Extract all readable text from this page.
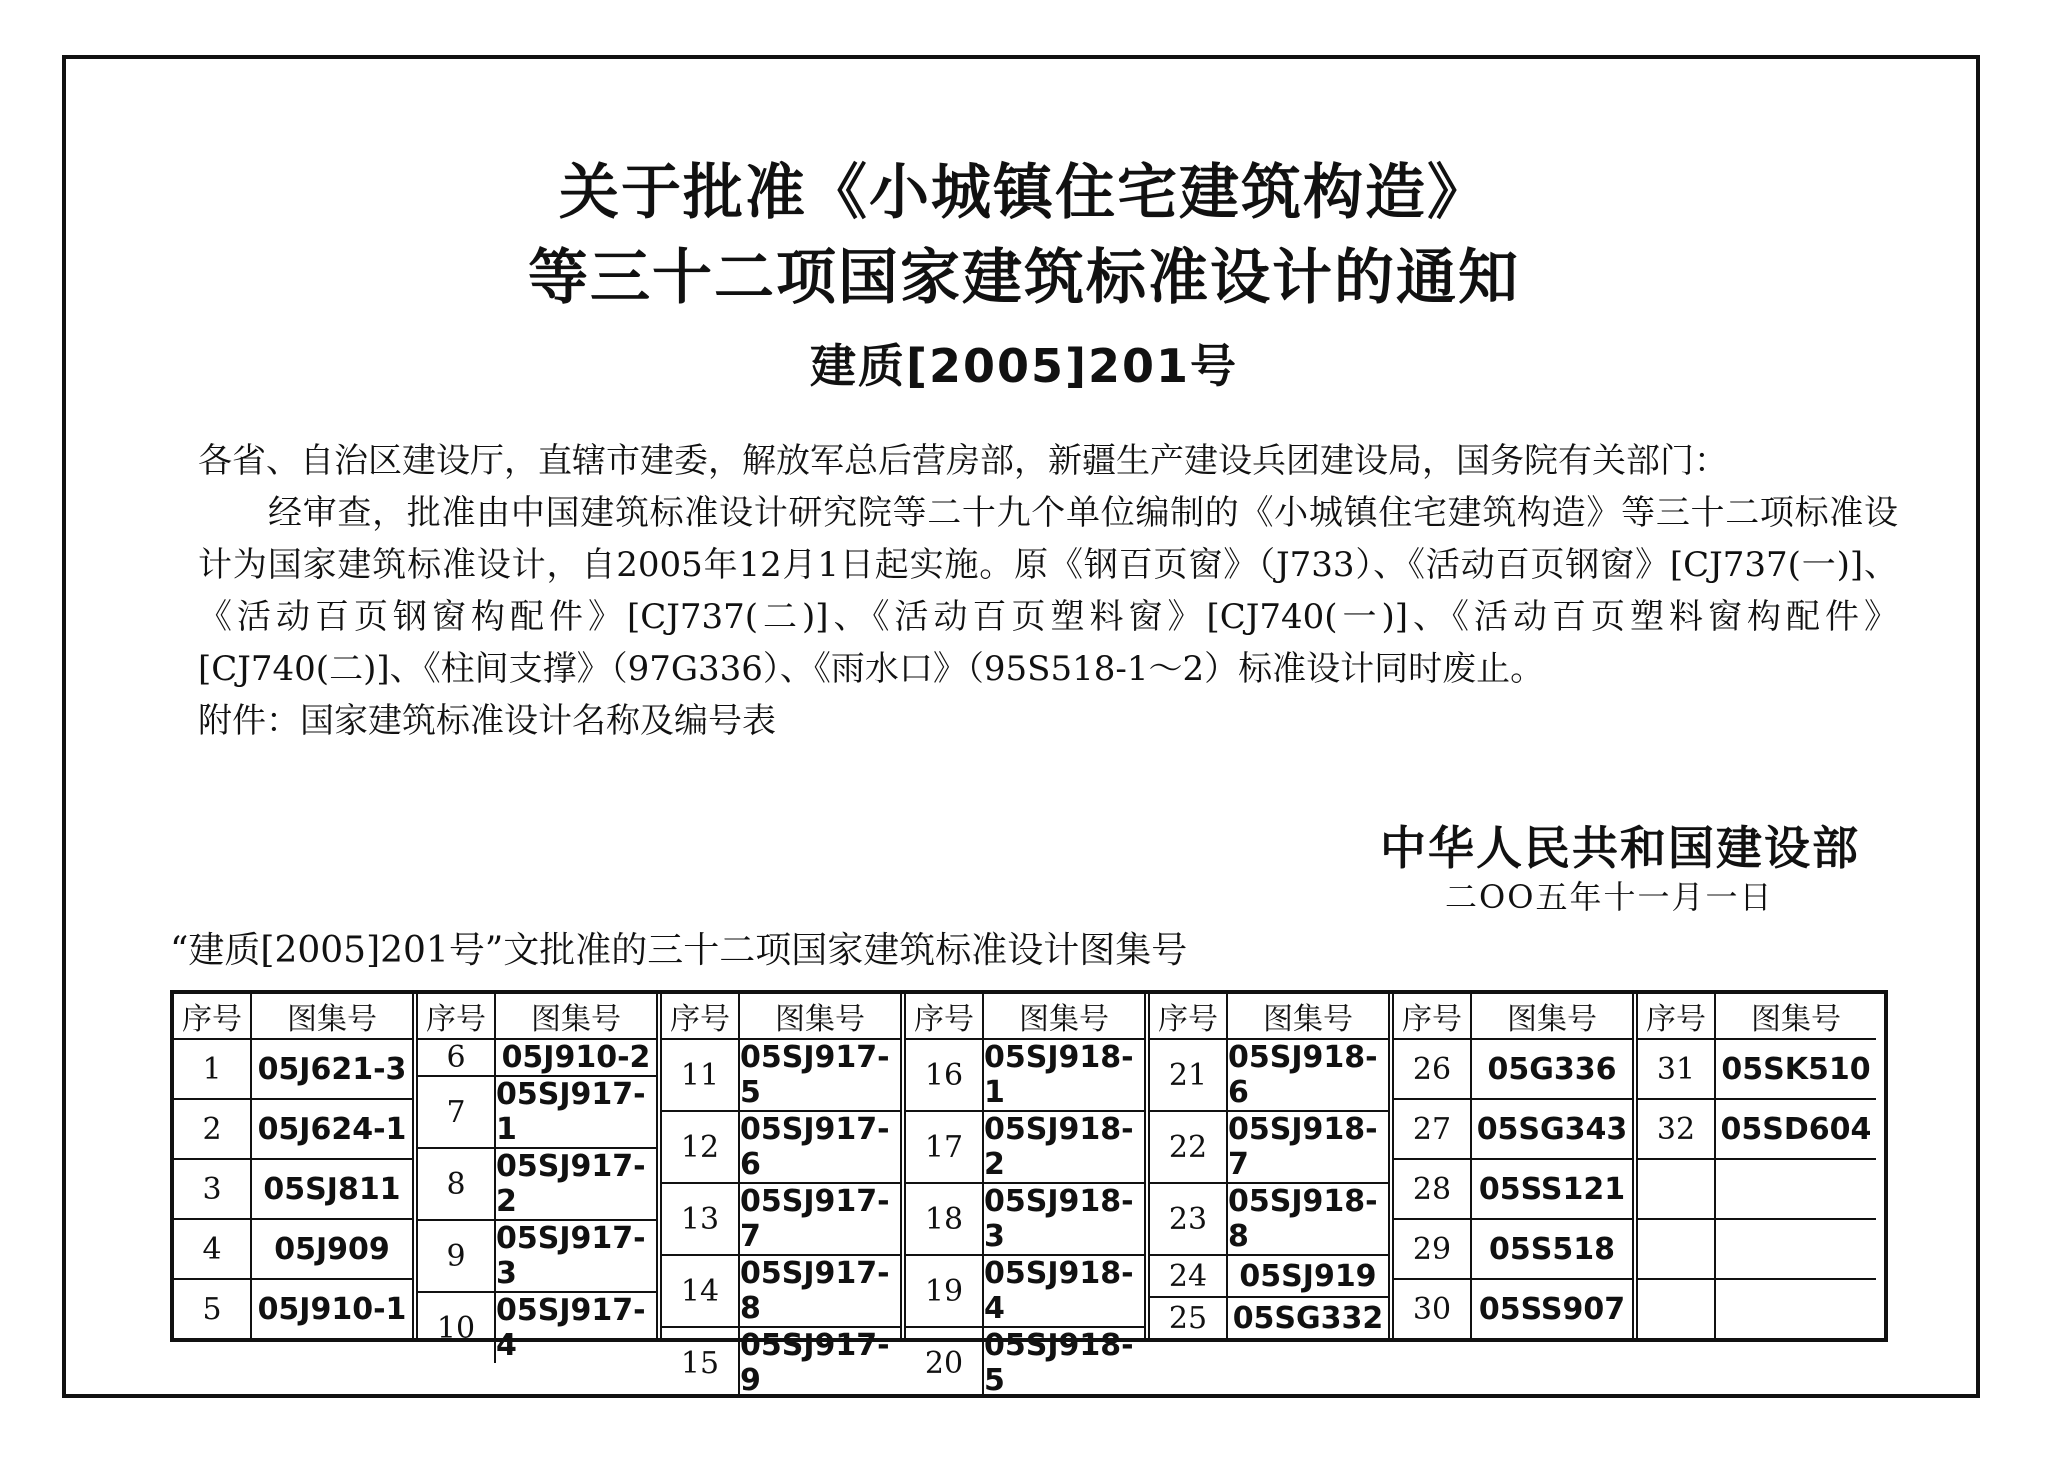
关于批准《小城镇住宅建筑构造》
等三十二项国家建筑标准设计的通知
建质[2005]201号

各省、自治区建设厅，直辖市建委，解放军总后营房部，新疆生产建设兵团建设局，国务院有关部门：

经审查，批准由中国建筑标准设计研究院等二十九个单位编制的《小城镇住宅建筑构造》等三十二项标准设计为国家建筑标准设计，自2005年12月1日起实施。原《钢百页窗》（J733）、《活动百页钢窗》[CJ737(一)]、《活动百页钢窗构配件》[CJ737(二)]、《活动百页塑料窗》[CJ740(一)]、《活动百页塑料窗构配件》[CJ740(二)]、《柱间支撑》（97G336）、《雨水口》（95S518-1～2）标准设计同时废止。

附件：国家建筑标准设计名称及编号表

中华人民共和国建设部
二OO五年十一月一日
“建质[2005]201号”文批准的三十二项国家建筑标准设计图集号
序号	图集号
1	05J621-3
2	05J624-1
3	05SJ811
4	05J909
5	05J910-1
序号	图集号
6	05J910-2
7	05SJ917-1
8	05SJ917-2
9	05SJ917-3
10 05SJ917-4
序号	图集号
11 05SJ917-5
12 05SJ917-6
13 05SJ917-7
14 05SJ917-8
15 05SJ917-9
序号	图集号
16 05SJ918-1
17 05SJ918-2
18 05SJ918-3
19 05SJ918-4
20 05SJ918-5
序号	图集号
21 05SJ918-6
22 05SJ918-7
23 05SJ918-8
24	05SJ919
25 05SG332
序号	图集号
26	05G336
27 05SG343
28 05SS121
29	05S518
30 05SS907
序号	图集号
31 05SK510
32 05SD604
